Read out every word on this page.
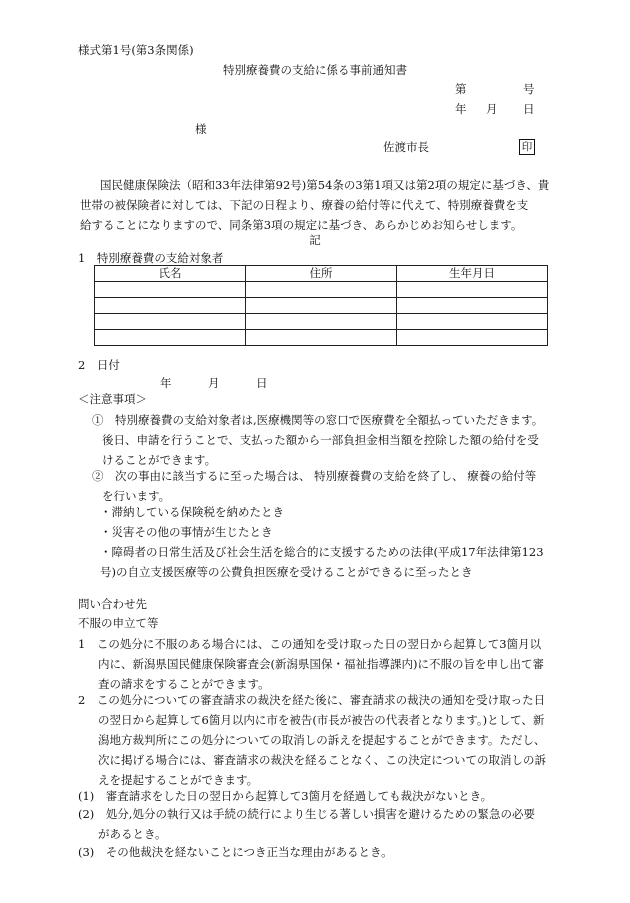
様式第1号(第3条関係)
特別療養費の支給に係る事前通知書
第	号
年 月 日
様
佐渡市長	印
国民健康保険法（昭和33年法律第92号)第54条の3第1項又は第2項の規定に基づき、貴
世帯の被保険者に対しては、下記の日程より、療養の給付等に代えて、特別療養費を支
給することになりますので、同条第3項の規定に基づき、あらかじめお知らせします。
記
1　特別療養費の支給対象者
氏名	住所	生年月日

2　日付
年	月	日
＜注意事項＞
①　特別療養費の支給対象者は,医療機関等の窓口で医療費を全額払っていただきます。
後日、申請を行うことで、支払った額から一部負担金相当額を控除した額の給付を受
けることができます。
②　次の事由に該当するに至った場合は、 特別療養費の支給を終了し、 療養の給付等
を行います。
・滞納している保険税を納めたとき
・災害その他の事情が生じたとき
・障碍者の日常生活及び社会生活を総合的に支援するための法律(平成17年法律第123
号)の自立支援医療等の公費負担医療を受けることができるに至ったとき
問い合わせ先
不服の申立て等
1　この処分に不服のある場合には、この通知を受け取った日の翌日から起算して3箇月以
内に、新潟県国民健康保険審査会(新潟県国保・福祉指導課内)に不服の旨を申し出て審
査の請求をすることができます。
2　この処分についての審査請求の裁決を経た後に、審査請求の裁決の通知を受け取った日
の翌日から起算して6箇月以内に市を被告(市長が被告の代表者となります。)として、新
潟地方裁判所にこの処分についての取消しの訴えを提起することができます。ただし、
次に掲げる場合には、審査請求の裁決を経ることなく、この決定についての取消しの訴
えを提起することができます。
(1)　審査請求をした日の翌日から起算して3箇月を経過しても裁決がないとき。
(2)　処分,処分の執行又は手続の続行により生じる著しい損害を避けるための緊急の必要
があるとき。
(3)　その他裁決を経ないことにつき正当な理由があるとき。
